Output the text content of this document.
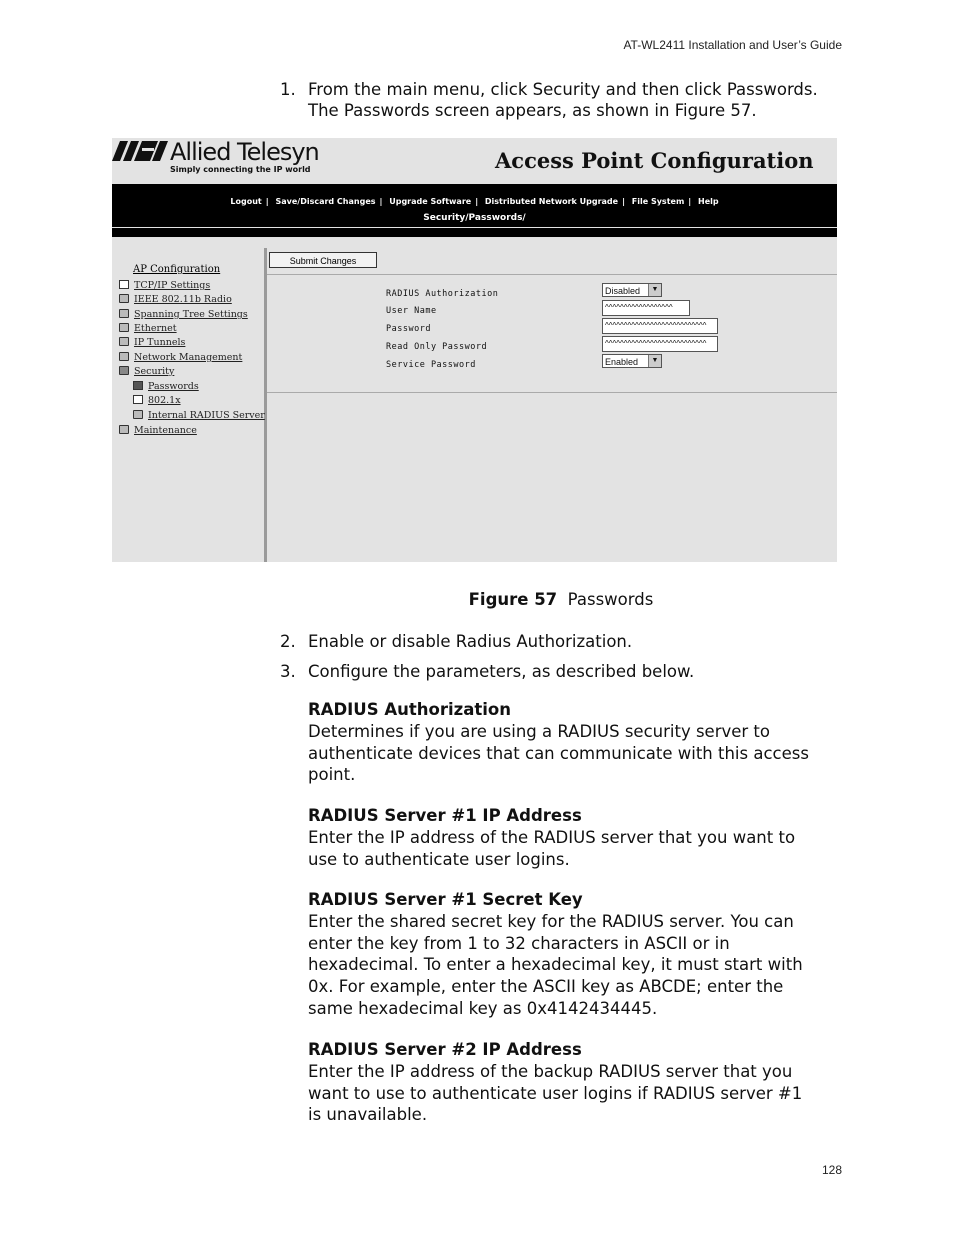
AT-WL2411 Installation and User’s Guide
1. From the main menu, click Security and then click Passwords. The Passwords screen appears, as shown in Figure 57.
Allied Telesyn
Simply connecting the IP world	Access Point Configuration
Logout | Save/Discard Changes | Upgrade Software | Distributed Network Upgrade | File System | Help
Security/Passwords/
AP Configuration
TCP/IP Settings
IEEE 802.11b Radio
Spanning Tree Settings
Ethernet
IP Tunnels
Network Management
Security
Passwords
802.1x
Internal RADIUS Server
Maintenance
Submit Changes
RADIUS Authorization	Disabled	▼
User Name	^^^^^^^^^^^^^^^^^^
Password	^^^^^^^^^^^^^^^^^^^^^^^^^^^
Read Only Password	^^^^^^^^^^^^^^^^^^^^^^^^^^^
Service Password	Enabled	▼
Figure 57 Passwords
2. Enable or disable Radius Authorization.
3. Configure the parameters, as described below.
RADIUS Authorization
Determines if you are using a RADIUS security server to authenticate devices that can communicate with this access point.
RADIUS Server #1 IP Address
Enter the IP address of the RADIUS server that you want to use to authenticate user logins.
RADIUS Server #1 Secret Key
Enter the shared secret key for the RADIUS server. You can enter the key from 1 to 32 characters in ASCII or in hexadecimal. To enter a hexadecimal key, it must start with 0x. For example, enter the ASCII key as ABCDE; enter the same hexadecimal key as 0x4142434445.
RADIUS Server #2 IP Address
Enter the IP address of the backup RADIUS server that you want to use to authenticate user logins if RADIUS server #1 is unavailable.
128
